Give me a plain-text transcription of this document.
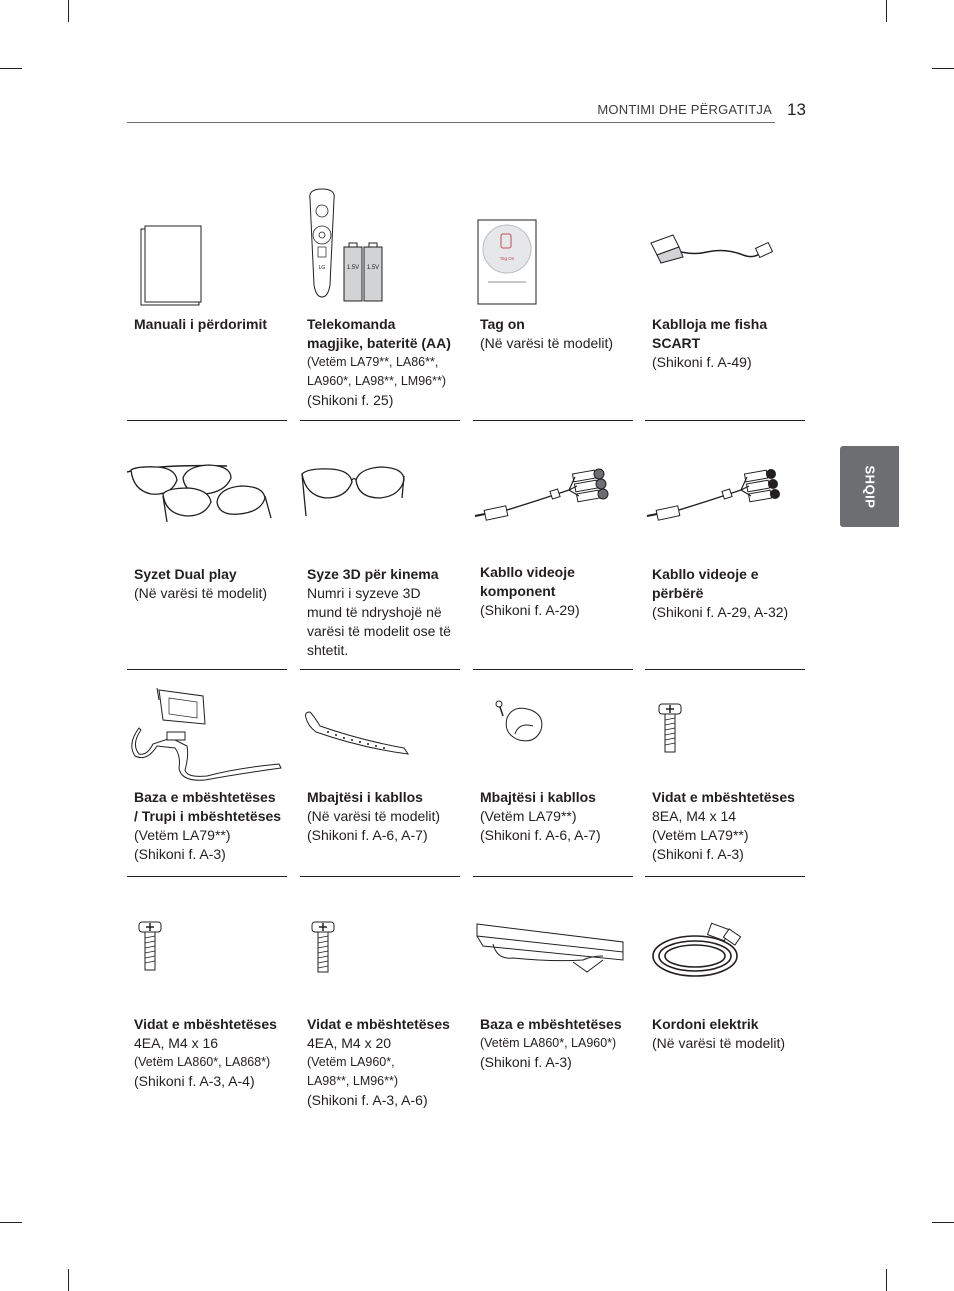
MONTIMI DHE PËRGATITJA 13
SHQIP
Manuali i përdorimit
LG	1.5V 1.5V
Telekomanda
magjike, bateritë (AA)
(Vetëm LA79**, LA86**,
LA960*, LA98**, LM96**)
(Shikoni f. 25)
Tag On
Tag on
(Në varësi të modelit)
Kablloja me fisha
SCART
(Shikoni f. A-49)
Syzet Dual play
(Në varësi të modelit)
Syze 3D për kinema
Numri i syzeve 3D
mund të ndryshojë në
varësi të modelit ose të
shtetit.
Kabllo videoje
komponent
(Shikoni f. A-29)
Kabllo videoje e
përbërë
(Shikoni f. A-29, A-32)
Baza e mbështetëses
/ Trupi i mbështetëses
(Vetëm LA79**)
(Shikoni f. A-3)
Mbajtësi i kabllos
(Në varësi të modelit)
(Shikoni f. A-6, A-7)
Mbajtësi i kabllos
(Vetëm LA79**)
(Shikoni f. A-6, A-7)
Vidat e mbështetëses
8EA, M4 x 14
(Vetëm LA79**)
(Shikoni f. A-3)
Vidat e mbështetëses
4EA, M4 x 16
(Vetëm LA860*, LA868*)
(Shikoni f. A-3, A-4)
Vidat e mbështetëses
4EA, M4 x 20
(Vetëm LA960*,
LA98**, LM96**)
(Shikoni f. A-3, A-6)
Baza e mbështetëses
(Vetëm LA860*, LA960*)
(Shikoni f. A-3)
Kordoni elektrik
(Në varësi të modelit)
